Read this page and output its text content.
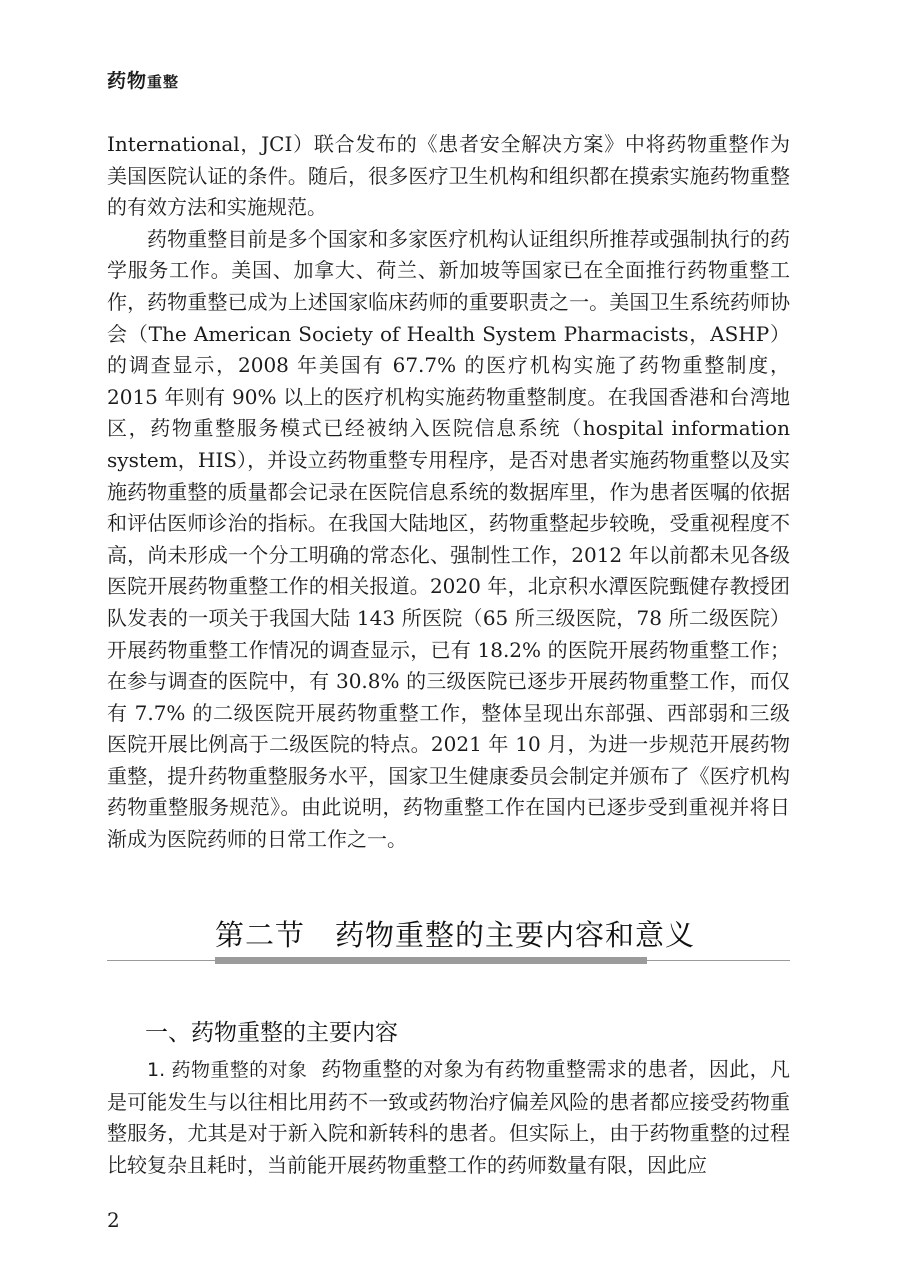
药物重整

International，JCI）联合发布的《患者安全解决方案》中将药物重整作为美国医院认证的条件。随后，很多医疗卫生机构和组织都在摸索实施药物重整的有效方法和实施规范。

药物重整目前是多个国家和多家医疗机构认证组织所推荐或强制执行的药学服务工作。美国、加拿大、荷兰、新加坡等国家已在全面推行药物重整工作，药物重整已成为上述国家临床药师的重要职责之一。美国卫生系统药师协会（The American Society of Health System Pharmacists，ASHP）的调查显示，2008 年美国有 67.7% 的医疗机构实施了药物重整制度，2015 年则有 90% 以上的医疗机构实施药物重整制度。在我国香港和台湾地区，药物重整服务模式已经被纳入医院信息系统（hospital information system，HIS），并设立药物重整专用程序，是否对患者实施药物重整以及实施药物重整的质量都会记录在医院信息系统的数据库里，作为患者医嘱的依据和评估医师诊治的指标。在我国大陆地区，药物重整起步较晚，受重视程度不高，尚未形成一个分工明确的常态化、强制性工作，2012 年以前都未见各级医院开展药物重整工作的相关报道。2020 年，北京积水潭医院甄健存教授团队发表的一项关于我国大陆 143 所医院（65 所三级医院，78 所二级医院）开展药物重整工作情况的调查显示，已有 18.2% 的医院开展药物重整工作；在参与调查的医院中，有 30.8% 的三级医院已逐步开展药物重整工作，而仅有 7.7% 的二级医院开展药物重整工作，整体呈现出东部强、西部弱和三级医院开展比例高于二级医院的特点。2021 年 10 月，为进一步规范开展药物重整，提升药物重整服务水平，国家卫生健康委员会制定并颁布了《医疗机构药物重整服务规范》。由此说明，药物重整工作在国内已逐步受到重视并将日渐成为医院药师的日常工作之一。

第二节　药物重整的主要内容和意义
一、药物重整的主要内容

1. 药物重整的对象 药物重整的对象为有药物重整需求的患者，因此，凡是可能发生与以往相比用药不一致或药物治疗偏差风险的患者都应接受药物重整服务，尤其是对于新入院和新转科的患者。但实际上，由于药物重整的过程比较复杂且耗时，当前能开展药物重整工作的药师数量有限，因此应

2
